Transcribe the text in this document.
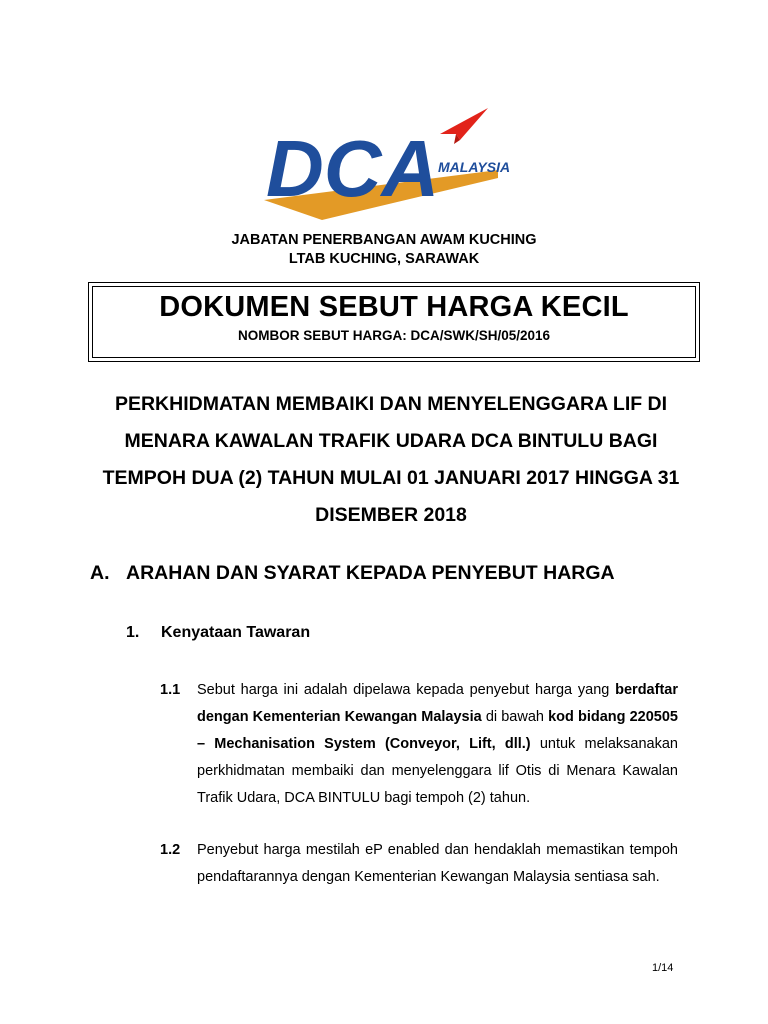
DCA
MALAYSIA
JABATAN PENERBANGAN AWAM KUCHING
LTAB KUCHING, SARAWAK
DOKUMEN SEBUT HARGA KECIL
NOMBOR SEBUT HARGA: DCA/SWK/SH/05/2016
PERKHIDMATAN MEMBAIKI DAN MENYELENGGARA LIF DI
MENARA KAWALAN TRAFIK UDARA DCA BINTULU BAGI
TEMPOH DUA (2) TAHUN MULAI 01 JANUARI 2017 HINGGA 31
DISEMBER 2018
A. ARAHAN DAN SYARAT KEPADA PENYEBUT HARGA
1. Kenyataan Tawaran
1.1 Sebut harga ini adalah dipelawa kepada penyebut harga yang berdaftar dengan Kementerian Kewangan Malaysia di bawah kod bidang 220505 – Mechanisation System (Conveyor, Lift, dll.) untuk melaksanakan perkhidmatan membaiki dan menyelenggara lif Otis di Menara Kawalan Trafik Udara, DCA BINTULU bagi tempoh (2) tahun.
1.2 Penyebut harga mestilah eP enabled dan hendaklah memastikan tempoh pendaftarannya dengan Kementerian Kewangan Malaysia sentiasa sah.
1/14
